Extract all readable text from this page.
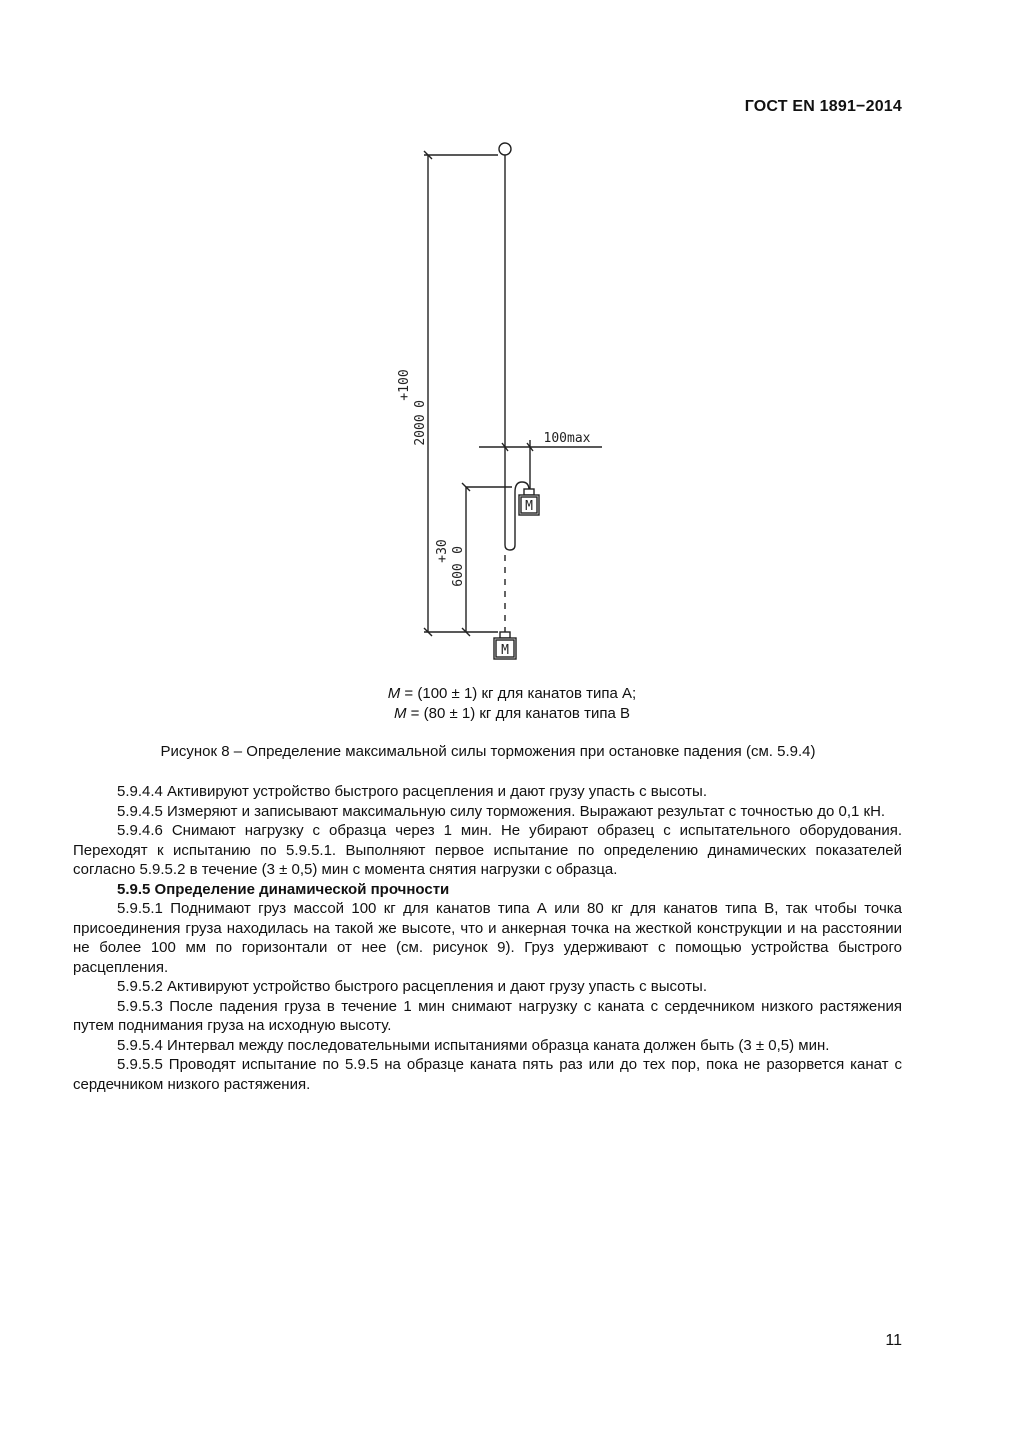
ГОСТ EN 1891−2014
М
М
2000
+100
0
600
+30 0
100max
M = (100 ± 1) кг для канатов типа А;
M = (80 ± 1) кг для канатов типа В
Рисунок 8 – Определение максимальной силы торможения при остановке падения (см. 5.9.4)

5.9.4.4 Активируют устройство быстрого расцепления и дают грузу упасть с высоты.

5.9.4.5 Измеряют и записывают максимальную силу торможения. Выражают результат с точностью до 0,1 кН.

5.9.4.6 Снимают нагрузку с образца через 1 мин. Не убирают образец с испытательного оборудования. Переходят к испытанию по 5.9.5.1. Выполняют первое испытание по определению динамических показателей согласно 5.9.5.2 в течение (3 ± 0,5) мин с момента снятия нагрузки с образца.

5.9.5 Определение динамической прочности

5.9.5.1 Поднимают груз массой 100 кг для канатов типа А или 80 кг для канатов типа В, так чтобы точка присоединения груза находилась на такой же высоте, что и анкерная точка на жесткой конструкции и на расстоянии не более 100 мм по горизонтали от нее (см. рисунок 9). Груз удерживают с помощью устройства быстрого расцепления.

5.9.5.2 Активируют устройство быстрого расцепления и дают грузу упасть с высоты.

5.9.5.3 После падения груза в течение 1 мин снимают нагрузку с каната с сердечником низкого растяжения путем поднимания груза на исходную высоту.

5.9.5.4 Интервал между последовательными испытаниями образца каната должен быть (3 ± 0,5) мин.

5.9.5.5 Проводят испытание по 5.9.5 на образце каната пять раз или до тех пор, пока не разорвется канат с сердечником низкого растяжения.

11
